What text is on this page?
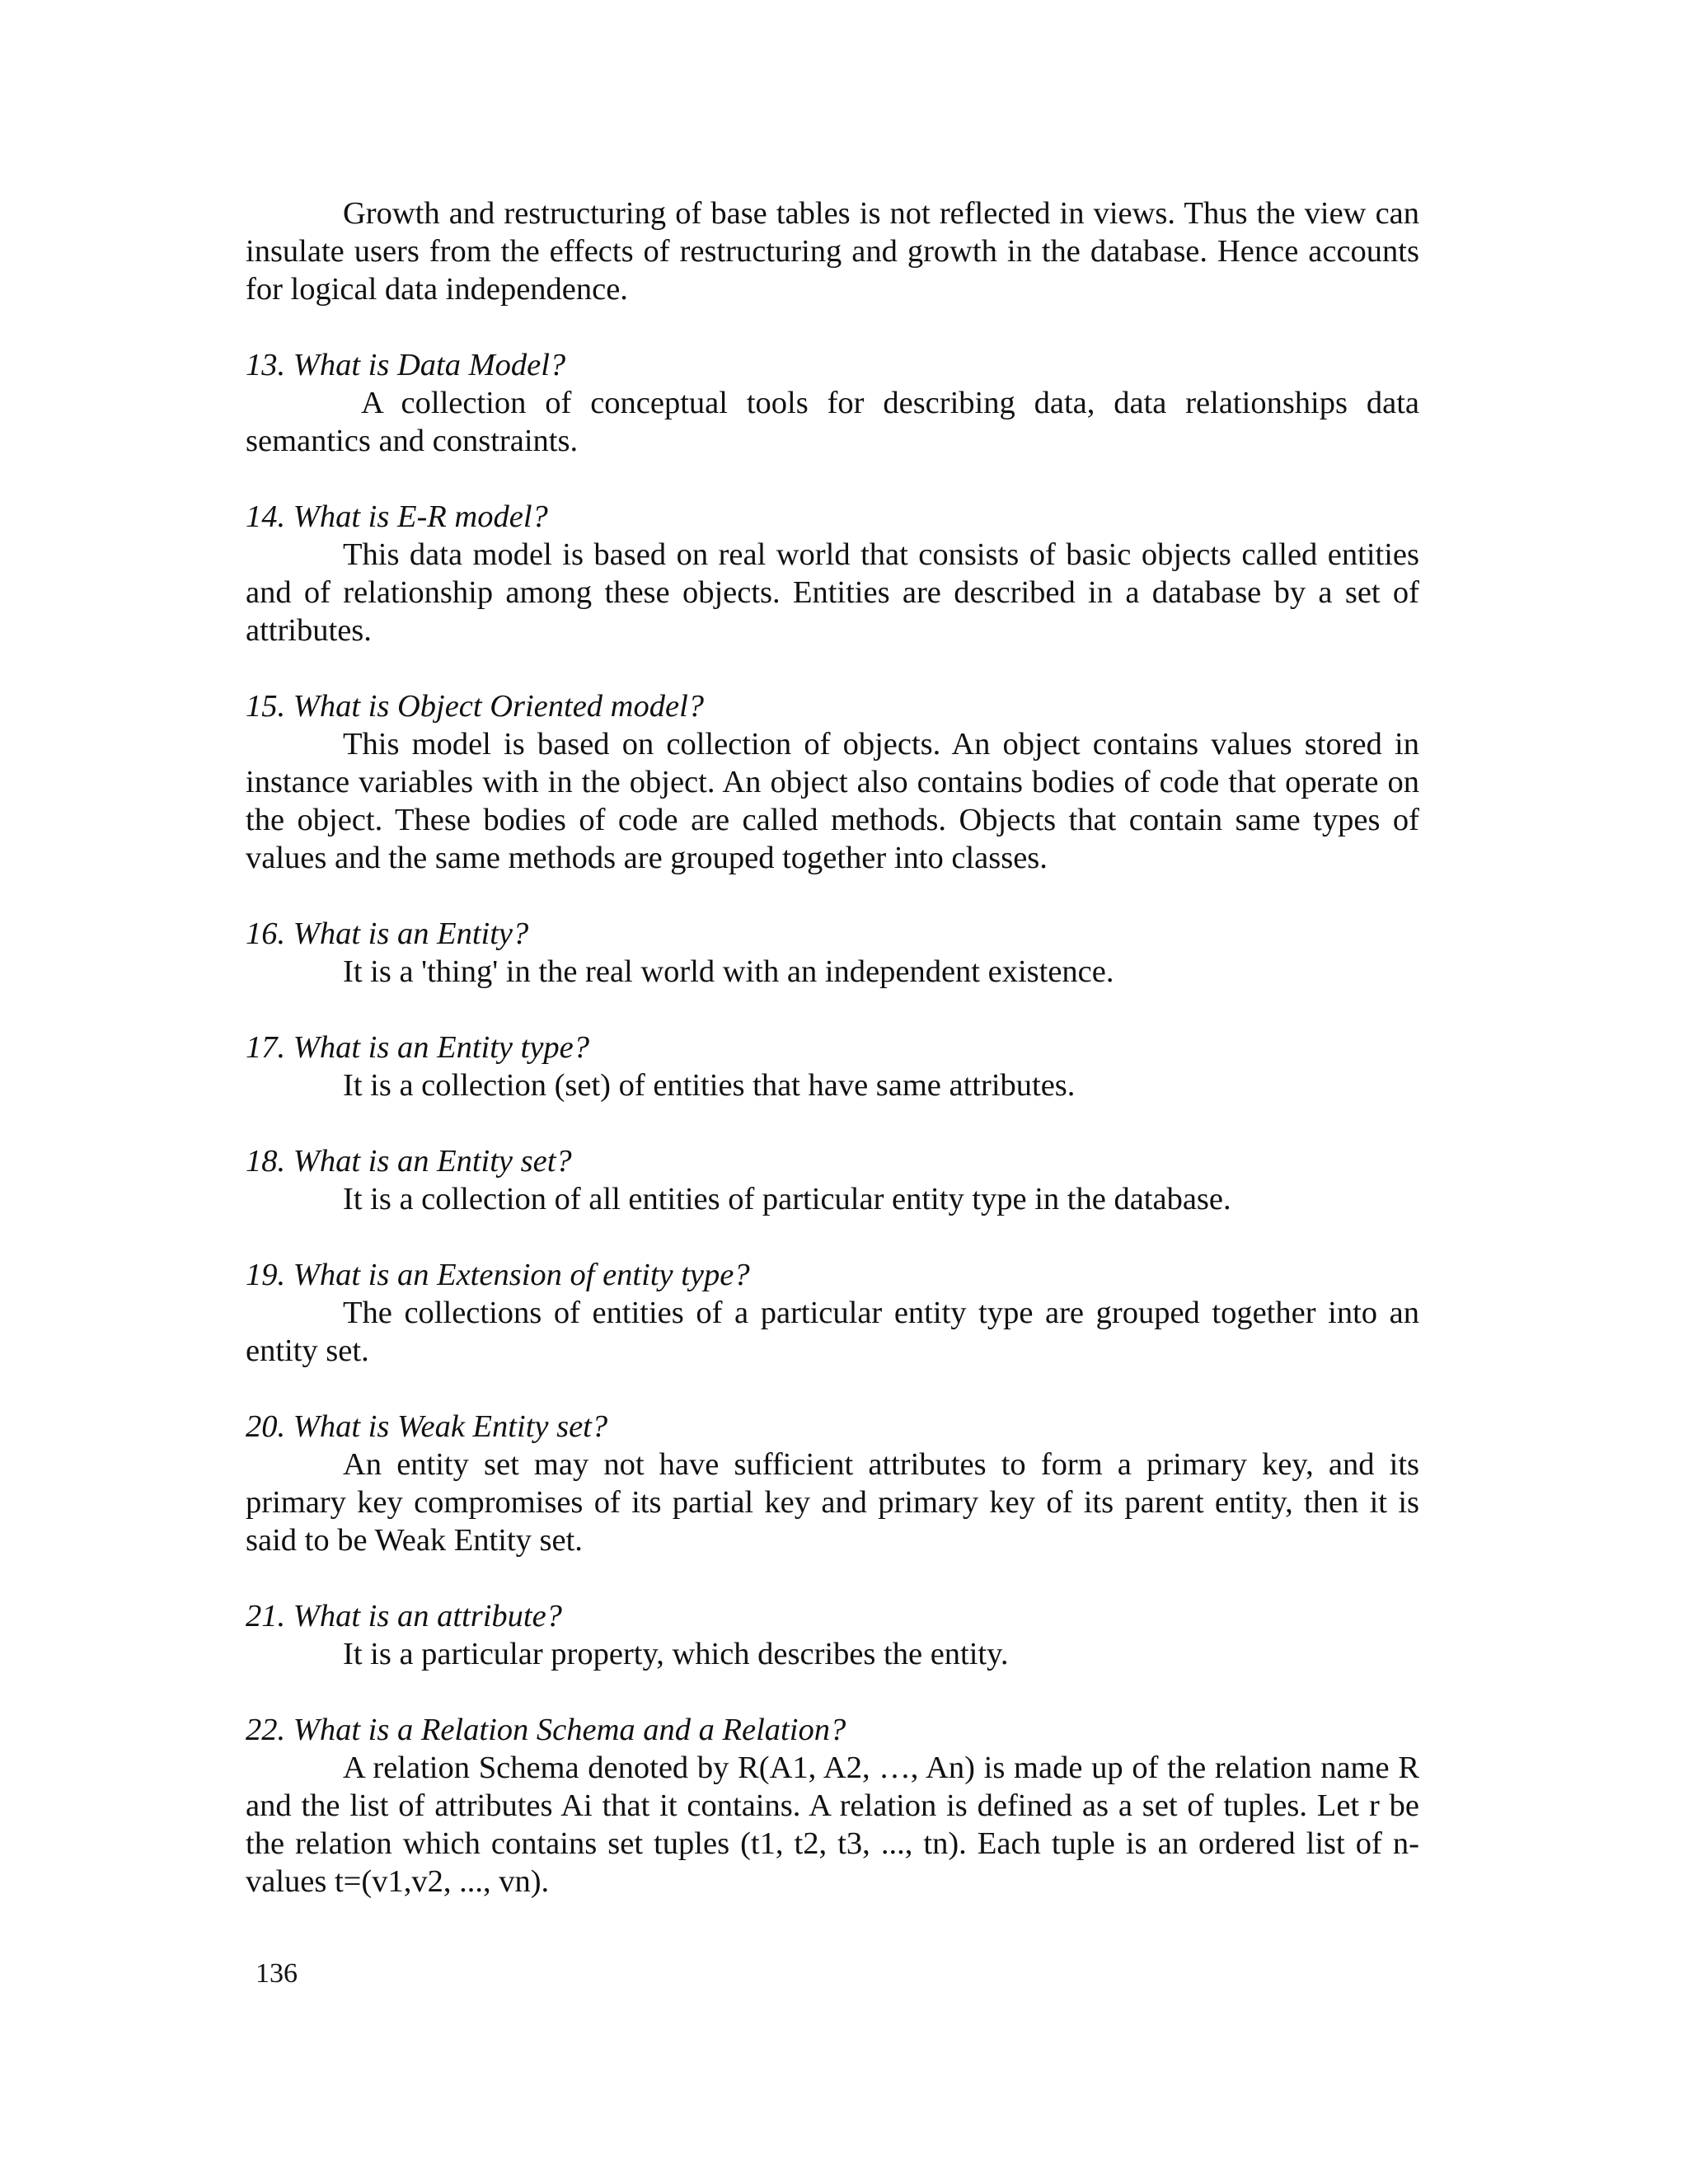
Growth and restructuring of base tables is not reflected in views. Thus the view can insulate users from the effects of restructuring and growth in the database. Hence accounts for logical data independence.

13. What is Data Model?

A collection of conceptual tools for describing data, data relationships data semantics and constraints.

14. What is E-R model?

This data model is based on real world that consists of basic objects called entities and of relationship among these objects. Entities are described in a database by a set of attributes.

15. What is Object Oriented model?

This model is based on collection of objects. An object contains values stored in instance variables with in the object. An object also contains bodies of code that operate on the object. These bodies of code are called methods. Objects that contain same types of values and the same methods are grouped together into classes.

16. What is an Entity?

It is a 'thing' in the real world with an independent existence.

17. What is an Entity type?

It is a collection (set) of entities that have same attributes.

18. What is an Entity set?

It is a collection of all entities of particular entity type in the database.

19. What is an Extension of entity type?

The collections of entities of a particular entity type are grouped together into an entity set.

20. What is Weak Entity set?

An entity set may not have sufficient attributes to form a primary key, and its primary key compromises of its partial key and primary key of its parent entity, then it is said to be Weak Entity set.

21. What is an attribute?

It is a particular property, which describes the entity.

22. What is a Relation Schema and a Relation?

A relation Schema denoted by R(A1, A2, …, An) is made up of the relation name R and the list of attributes Ai that it contains. A relation is defined as a set of tuples. Let r be the relation which contains set tuples (t1, t2, t3, ..., tn). Each tuple is an ordered list of n-values t=(v1,v2, ..., vn).

136
